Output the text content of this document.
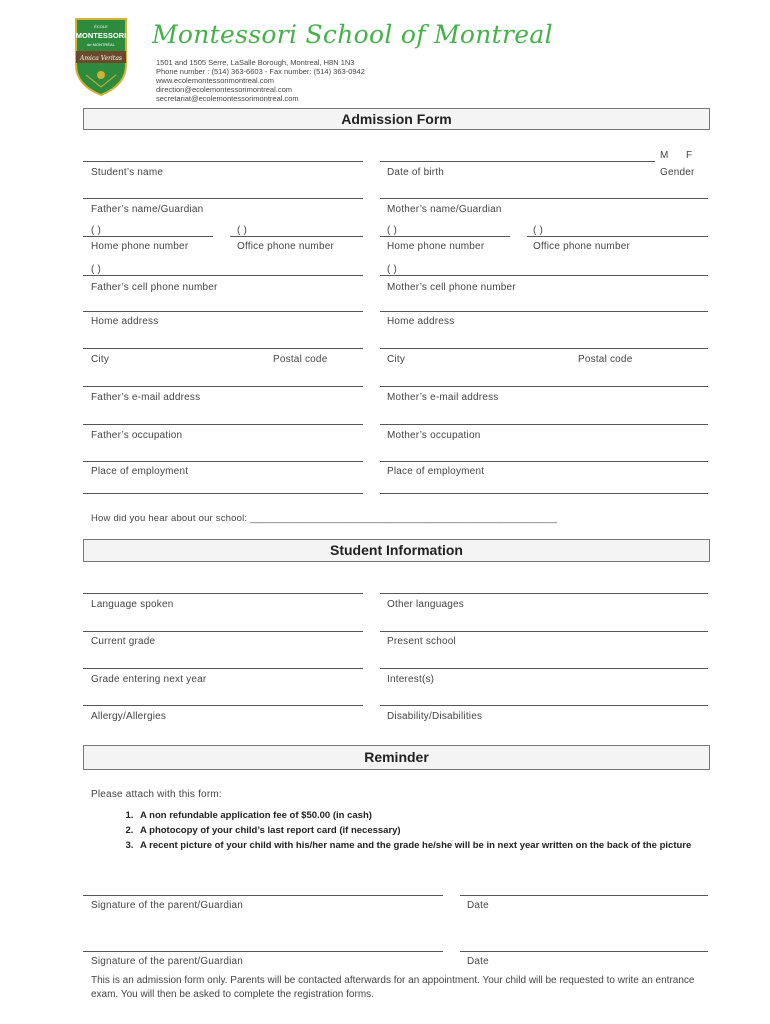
ÉCOLE
MONTESSORI
de MONTRÉAL
Amica Veritas
Montessori School of Montreal
1501 and 1505 Serre, LaSalle Borough, Montreal, H8N 1N3
Phone number : (514) 363-6603 - Fax number: (514) 363-0942
www.ecolemontessorimontreal.com
direction@ecolemontessorimontreal.com
secretariat@ecolemontessorimontreal.com
Admission Form
M F
Student’s name	Date of birth	Gender
Father’s name/Guardian	Mother’s name/Guardian
( )	( )	( )	( )
Home phone number	Office phone number	Home phone number	Office phone number
( )	( )
Father’s cell phone number	Mother’s cell phone number
Home address	Home address
City	Postal code	City	Postal code
Father’s e-mail address	Mother’s e-mail address
Father’s occupation	Mother’s occupation
Place of employment	Place of employment
How did you hear about our school: ________________________________________________________
Student Information
Language spoken	Other languages
Current grade	Present school
Grade entering next year	Interest(s)
Allergy/Allergies	Disability/Disabilities
Reminder
Please attach with this form:
1. A non refundable application fee of $50.00 (in cash)
2. A photocopy of your child’s last report card (if necessary)
3. A recent picture of your child with his/her name and the grade he/she will be in next year written on the back of the picture
Signature of the parent/Guardian	Date
Signature of the parent/Guardian	Date
This is an admission form only. Parents will be contacted afterwards for an appointment. Your child will be requested to write an entrance exam. You will then be asked to complete the registration forms.
